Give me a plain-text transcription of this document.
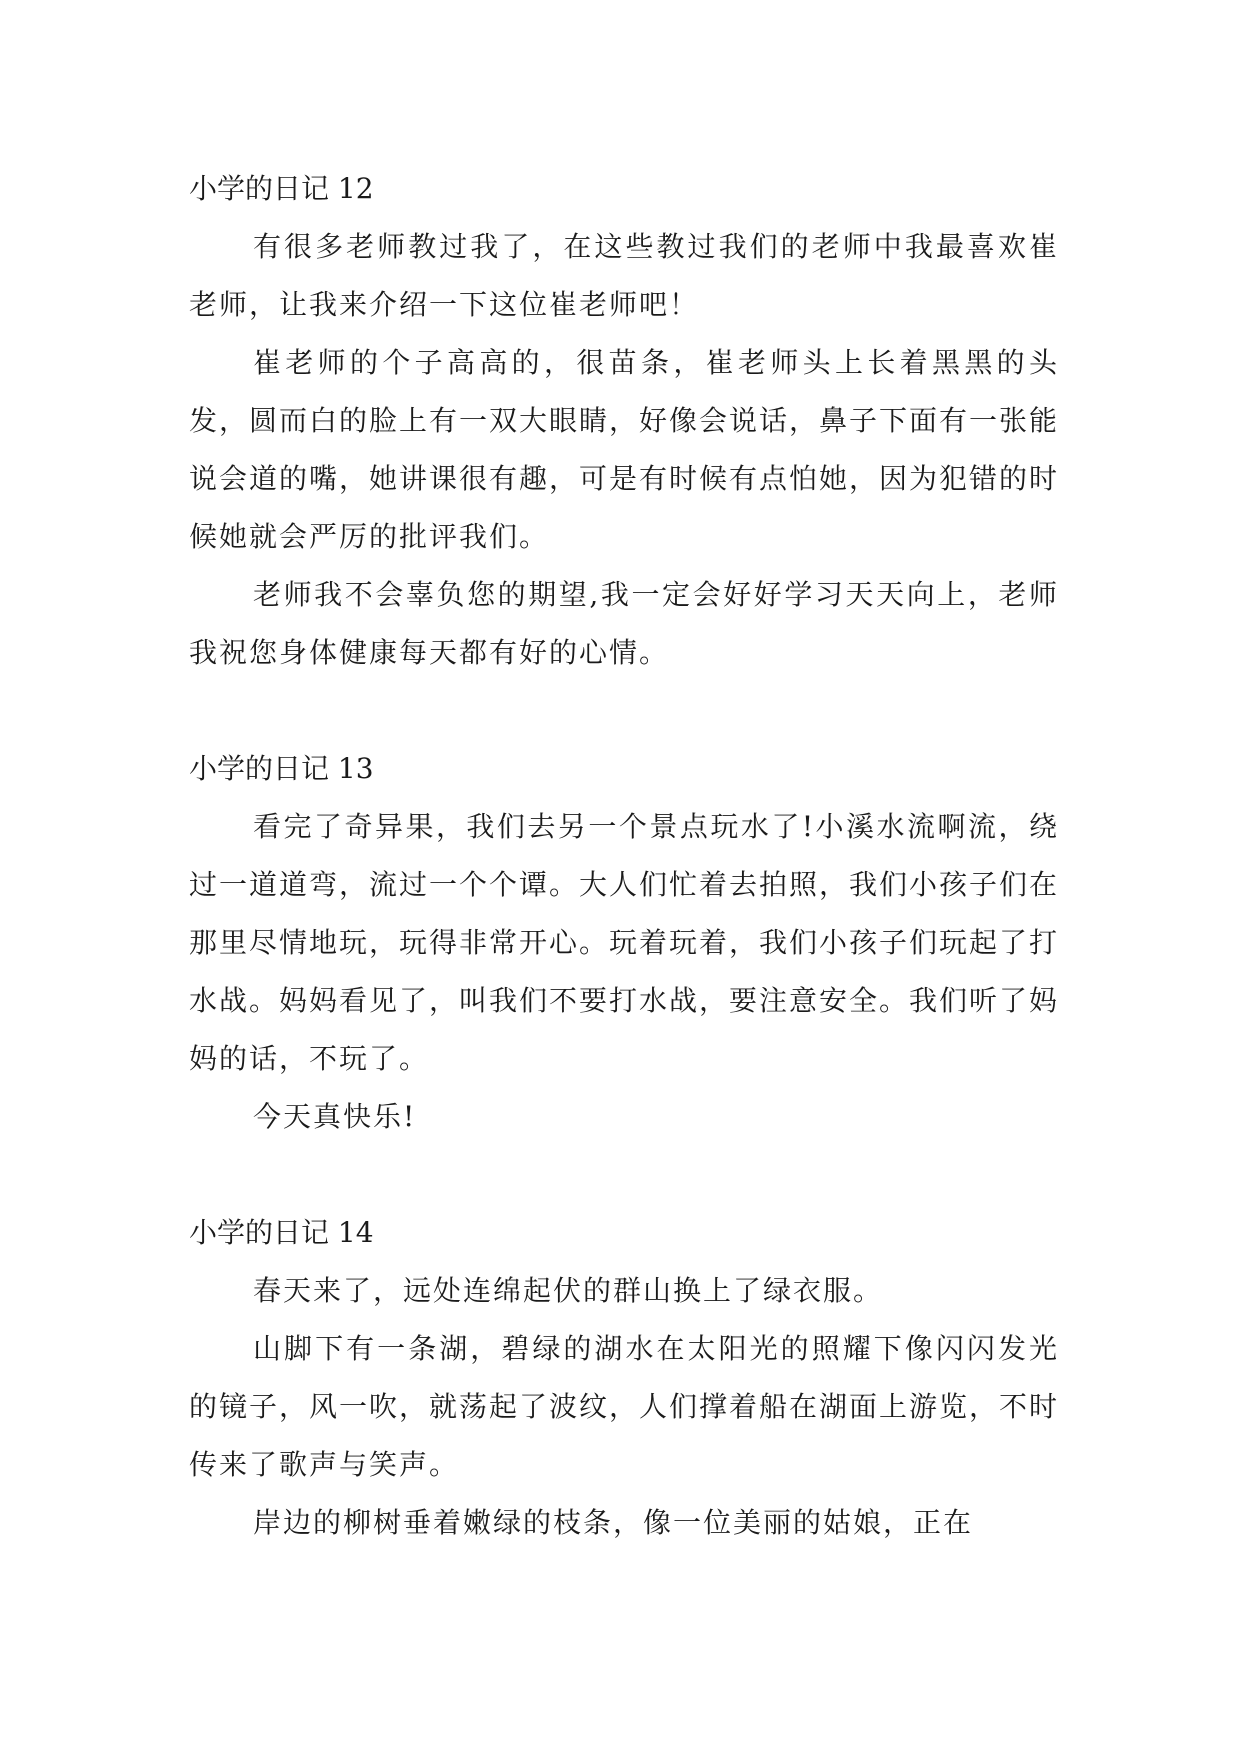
小学的日记 12

有很多老师教过我了，在这些教过我们的老师中我最喜欢崔老师，让我来介绍一下这位崔老师吧！

崔老师的个子高高的，很苗条，崔老师头上长着黑黑的头发，圆而白的脸上有一双大眼睛，好像会说话，鼻子下面有一张能说会道的嘴，她讲课很有趣，可是有时候有点怕她，因为犯错的时候她就会严厉的批评我们。

老师我不会辜负您的期望,我一定会好好学习天天向上，老师我祝您身体健康每天都有好的心情。

小学的日记 13

看完了奇异果，我们去另一个景点玩水了!小溪水流啊流，绕过一道道弯，流过一个个谭。大人们忙着去拍照，我们小孩子们在那里尽情地玩，玩得非常开心。玩着玩着，我们小孩子们玩起了打水战。妈妈看见了，叫我们不要打水战，要注意安全。我们听了妈妈的话，不玩了。

今天真快乐!

小学的日记 14

春天来了，远处连绵起伏的群山换上了绿衣服。

山脚下有一条湖，碧绿的湖水在太阳光的照耀下像闪闪发光的镜子，风一吹，就荡起了波纹，人们撑着船在湖面上游览，不时传来了歌声与笑声。

岸边的柳树垂着嫩绿的枝条，像一位美丽的姑娘，正在
